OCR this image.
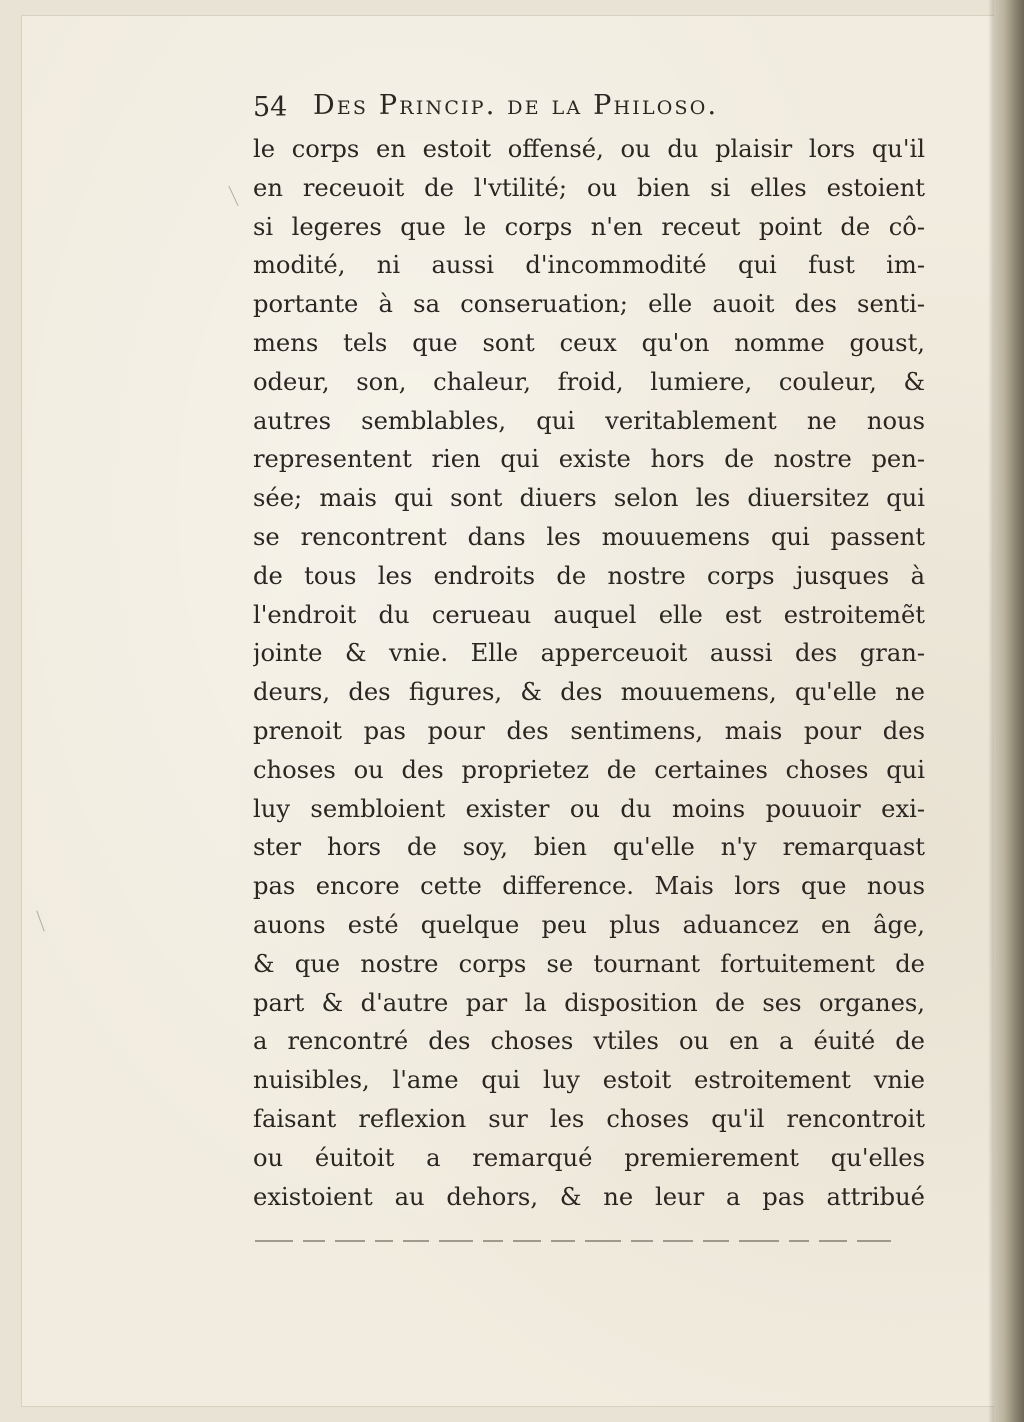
54 Des Princip. de la Philoso.
le corps en estoit offensé, ou du plaisir lors qu'il
en receuoit de l'vtilité; ou bien si elles estoient
si legeres que le corps n'en receut point de cô-
modité, ni aussi d'incommodité qui fust im-
portante à sa conseruation; elle auoit des senti-
mens tels que sont ceux qu'on nomme goust,
odeur, son, chaleur, froid, lumiere, couleur, &
autres semblables, qui veritablement ne nous
representent rien qui existe hors de nostre pen-
sée; mais qui sont diuers selon les diuersitez qui
se rencontrent dans les mouuemens qui passent
de tous les endroits de nostre corps jusques à
l'endroit du cerueau auquel elle est estroitemẽt
jointe & vnie. Elle apperceuoit aussi des gran-
deurs, des figures, & des mouuemens, qu'elle ne
prenoit pas pour des sentimens, mais pour des
choses ou des proprietez de certaines choses qui
luy sembloient exister ou du moins pouuoir exi-
ster hors de soy, bien qu'elle n'y remarquast
pas encore cette difference. Mais lors que nous
auons esté quelque peu plus aduancez en âge,
& que nostre corps se tournant fortuitement de
part & d'autre par la disposition de ses organes,
a rencontré des choses vtiles ou en a éuité de
nuisibles, l'ame qui luy estoit estroitement vnie
faisant reflexion sur les choses qu'il rencontroit
ou éuitoit a remarqué premierement qu'elles
existoient au dehors, & ne leur a pas attribué
